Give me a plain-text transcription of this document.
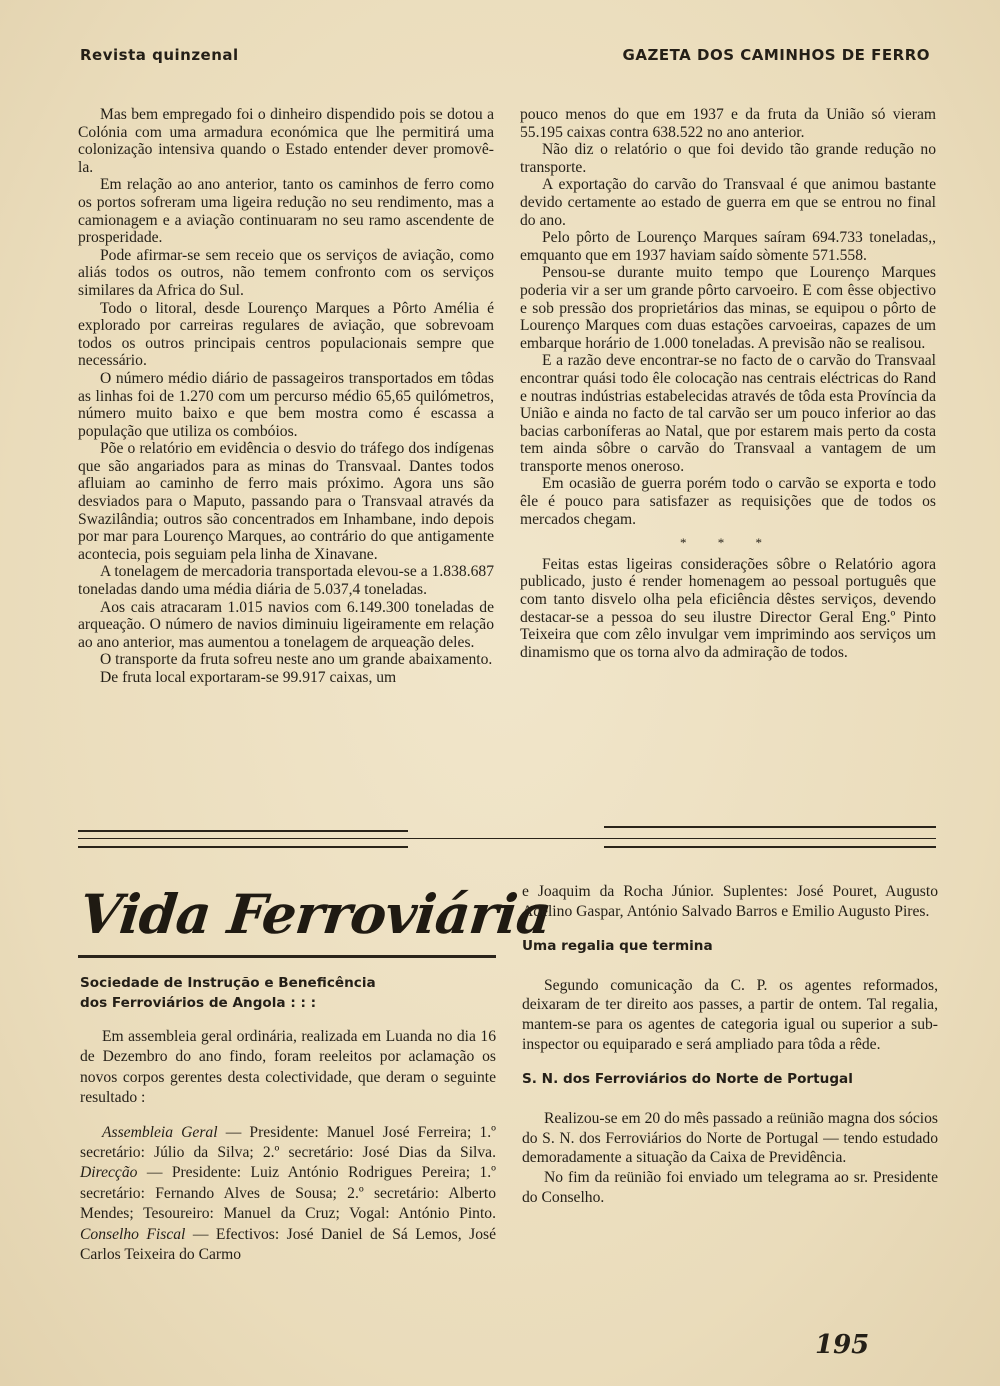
Revista quinzenal	GAZETA DOS CAMINHOS DE FERRO

Mas bem empregado foi o dinheiro dispendido pois se dotou a Colónia com uma armadura económica que lhe permitirá uma colonização intensiva quando o Estado entender dever promovê-la.

Em relação ao ano anterior, tanto os caminhos de ferro como os portos sofreram uma ligeira redução no seu rendimento, mas a camionagem e a aviação continuaram no seu ramo ascendente de prosperidade.

Pode afirmar-se sem receio que os serviços de aviação, como aliás todos os outros, não temem confronto com os serviços similares da Africa do Sul.

Todo o litoral, desde Lourenço Marques a Pôrto Amélia é explorado por carreiras regulares de aviação, que sobrevoam todos os outros principais centros populacionais sempre que necessário.

O número médio diário de passageiros transportados em tôdas as linhas foi de 1.270 com um percurso médio 65,65 quilómetros, número muito baixo e que bem mostra como é escassa a população que utiliza os combóios.

Põe o relatório em evidência o desvio do tráfego dos indígenas que são angariados para as minas do Transvaal. Dantes todos afluiam ao caminho de ferro mais próximo. Agora uns são desviados para o Maputo, passando para o Transvaal através da Swazilândia; outros são concentrados em Inhambane, indo depois por mar para Lourenço Marques, ao contrário do que antigamente acontecia, pois seguiam pela linha de Xinavane.

A tonelagem de mercadoria transportada elevou-se a 1.838.687 toneladas dando uma média diária de 5.037,4 toneladas.

Aos cais atracaram 1.015 navios com 6.149.300 toneladas de arqueação. O número de navios diminuiu ligeiramente em relação ao ano anterior, mas aumentou a tonelagem de arqueação deles.

O transporte da fruta sofreu neste ano um grande abaixamento.

De fruta local exportaram-se 99.917 caixas, um

pouco menos do que em 1937 e da fruta da União só vieram 55.195 caixas contra 638.522 no ano anterior.

Não diz o relatório o que foi devido tão grande redução no transporte.

A exportação do carvão do Transvaal é que animou bastante devido certamente ao estado de guerra em que se entrou no final do ano.

Pelo pôrto de Lourenço Marques saíram 694.733 toneladas,, emquanto que em 1937 haviam saído sòmente 571.558.

Pensou-se durante muito tempo que Lourenço Marques poderia vir a ser um grande pôrto carvoeiro. E com êsse objectivo e sob pressão dos proprietários das minas, se equipou o pôrto de Lourenço Marques com duas estações carvoeiras, capazes de um embarque horário de 1.000 toneladas. A previsão não se realisou.

E a razão deve encontrar-se no facto de o carvão do Transvaal encontrar quási todo êle colocação nas centrais eléctricas do Rand e noutras indústrias estabelecidas através de tôda esta Província da União e ainda no facto de tal carvão ser um pouco inferior ao das bacias carboníferas ao Natal, que por estarem mais perto da costa tem ainda sôbre o carvão do Transvaal a vantagem de um transporte menos oneroso.

Em ocasião de guerra porém todo o carvão se exporta e todo êle é pouco para satisfazer as requisições que de todos os mercados chegam.

* * *

Feitas estas ligeiras considerações sôbre o Relatório agora publicado, justo é render homenagem ao pessoal português que com tanto disvelo olha pela eficiência dêstes serviços, devendo destacar-se a pessoa do seu ilustre Director Geral Eng.º Pinto Teixeira que com zêlo invulgar vem imprimindo aos serviços um dinamismo que os torna alvo da admiração de todos.

Vida Ferroviária
Sociedade de Instrução e Beneficência
dos Ferroviários de Angola : : :

Em assembleia geral ordinária, realizada em Luanda no dia 16 de Dezembro do ano findo, foram reeleitos por aclamação os novos corpos gerentes desta colectividade, que deram o seguinte resultado :

Assembleia Geral — Presidente: Manuel José Ferreira; 1.º secretário: Júlio da Silva; 2.º secretário: José Dias da Silva. Direcção — Presidente: Luiz António Rodrigues Pereira; 1.º secretário: Fernando Alves de Sousa; 2.º secretário: Alberto Mendes; Tesoureiro: Manuel da Cruz; Vogal: António Pinto. Conselho Fiscal — Efectivos: José Daniel de Sá Lemos, José Carlos Teixeira do Carmo

e Joaquim da Rocha Júnior. Suplentes: José Pouret, Augusto Adelino Gaspar, António Salvado Barros e Emilio Augusto Pires.

Uma regalia que termina

Segundo comunicação da C. P. os agentes reformados, deixaram de ter direito aos passes, a partir de ontem. Tal regalia, mantem-se para os agentes de categoria igual ou superior a sub-inspector ou equiparado e será ampliado para tôda a rêde.

S. N. dos Ferroviários do Norte de Portugal

Realizou-se em 20 do mês passado a reünião magna dos sócios do S. N. dos Ferroviários do Norte de Portugal — tendo estudado demoradamente a situação da Caixa de Previdência.

No fim da reünião foi enviado um telegrama ao sr. Presidente do Conselho.

195
